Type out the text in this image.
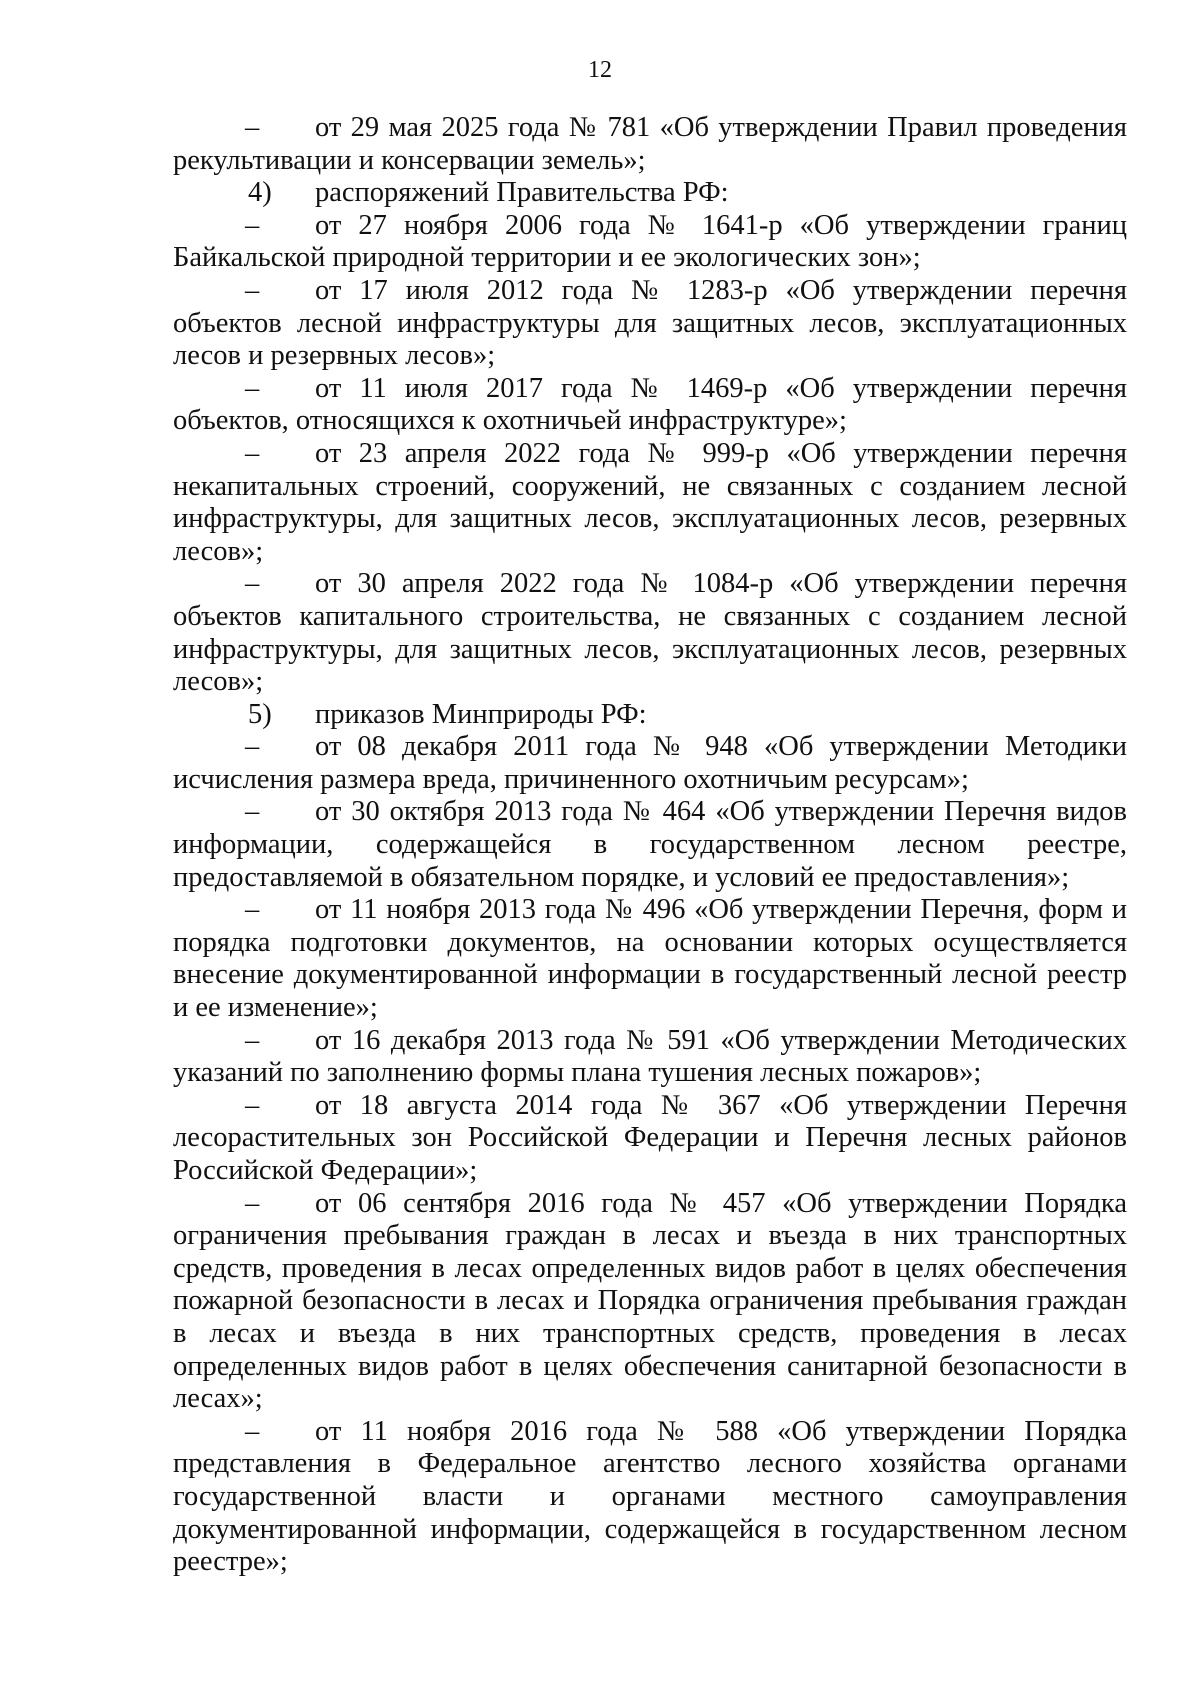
12

– от 29 мая 2025 года № 781 «Об утверждении Правил проведения рекультивации и консервации земель»;

4) распоряжений Правительства РФ:

– от 27 ноября 2006 года № 1641-р «Об утверждении границ Байкальской природной территории и ее экологических зон»;

– от 17 июля 2012 года № 1283-р «Об утверждении перечня объектов лесной инфраструктуры для защитных лесов, эксплуатационных лесов и резервных лесов»;

– от 11 июля 2017 года № 1469-р «Об утверждении перечня объектов, относящихся к охотничьей инфраструктуре»;

– от 23 апреля 2022 года № 999-р «Об утверждении перечня некапитальных строений, сооружений, не связанных с созданием лесной инфраструктуры, для защитных лесов, эксплуатационных лесов, резервных лесов»;

– от 30 апреля 2022 года № 1084-р «Об утверждении перечня объектов капитального строительства, не связанных с созданием лесной инфраструктуры, для защитных лесов, эксплуатационных лесов, резервных лесов»;

5) приказов Минприроды РФ:

– от 08 декабря 2011 года № 948 «Об утверждении Методики исчисления размера вреда, причиненного охотничьим ресурсам»;

– от 30 октября 2013 года № 464 «Об утверждении Перечня видов информации, содержащейся в государственном лесном реестре, предоставляемой в обязательном порядке, и условий ее предоставления»;

– от 11 ноября 2013 года № 496 «Об утверждении Перечня, форм и порядка подготовки документов, на основании которых осуществляется внесение документированной информации в государственный лесной реестр и ее изменение»;

– от 16 декабря 2013 года № 591 «Об утверждении Методических указаний по заполнению формы плана тушения лесных пожаров»;

– от 18 августа 2014 года № 367 «Об утверждении Перечня лесорастительных зон Российской Федерации и Перечня лесных районов Российской Федерации»;

– от 06 сентября 2016 года № 457 «Об утверждении Порядка ограничения пребывания граждан в лесах и въезда в них транспортных средств, проведения в лесах определенных видов работ в целях обеспечения пожарной безопасности в лесах и Порядка ограничения пребывания граждан в лесах и въезда в них транспортных средств, проведения в лесах определенных видов работ в целях обеспечения санитарной безопасности в лесах»;

– от 11 ноября 2016 года № 588 «Об утверждении Порядка представления в Федеральное агентство лесного хозяйства органами государственной власти и органами местного самоуправления документированной информации, содержащейся в государственном лесном реестре»;
